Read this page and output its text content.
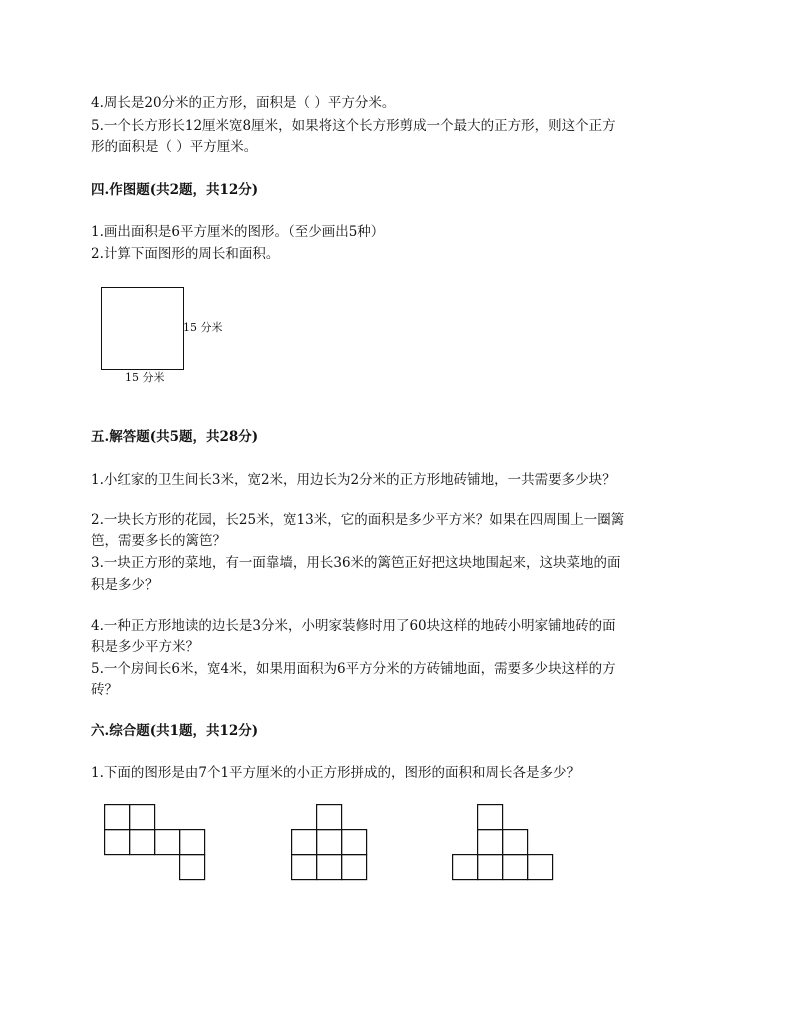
4.周长是20分米的正方形，面积是（ ）平方分米。
5.一个长方形长12厘米宽8厘米，如果将这个长方形剪成一个最大的正方形，则这个正方
形的面积是（ ）平方厘米。
四.作图题(共2题，共12分)
1.画出面积是6平方厘米的图形。（至少画出5种）
2.计算下面图形的周长和面积。
15 分米
15 分米
五.解答题(共5题，共28分)
1.小红家的卫生间长3米，宽2米，用边长为2分米的正方形地砖铺地，一共需要多少块？
2.一块长方形的花园，长25米，宽13米，它的面积是多少平方米？如果在四周围上一圈篱
笆，需要多长的篱笆？
3.一块正方形的菜地，有一面靠墙，用长36米的篱笆正好把这块地围起来，这块菜地的面
积是多少？
4.一种正方形地读的边长是3分米，小明家装修时用了60块这样的地砖小明家铺地砖的面
积是多少平方米？
5.一个房间长6米，宽4米，如果用面积为6平方分米的方砖铺地面，需要多少块这样的方
砖？
六.综合题(共1题，共12分)
1.下面的图形是由7个1平方厘米的小正方形拼成的，图形的面积和周长各是多少？
